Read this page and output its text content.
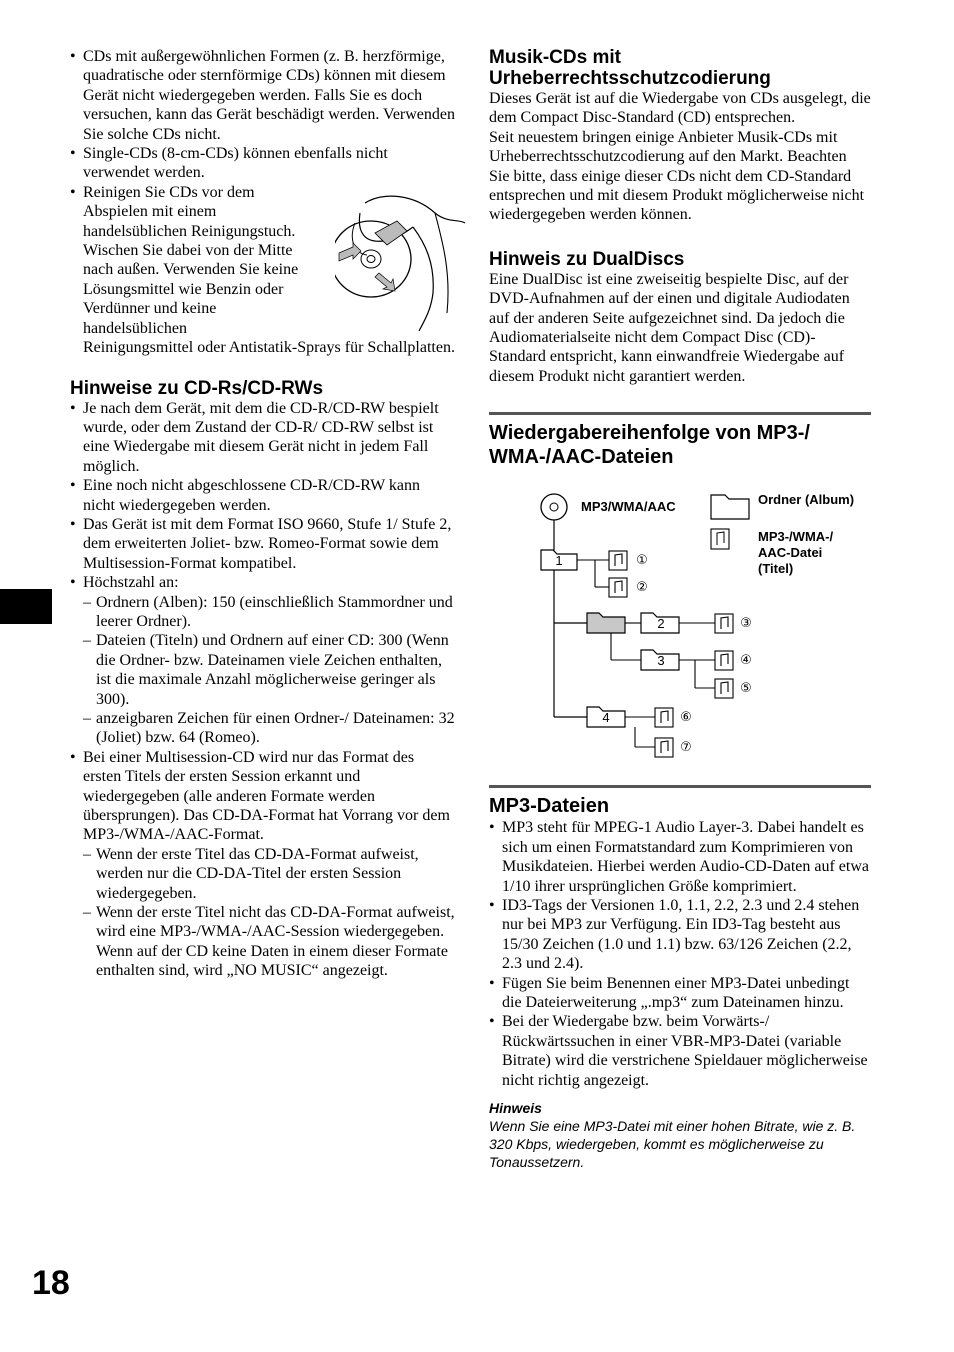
• CDs mit außergewöhnlichen Formen (z. B. herzförmige, quadratische oder sternförmige CDs) können mit diesem Gerät nicht wiedergegeben werden. Falls Sie es doch versuchen, kann das Gerät beschädigt werden. Verwenden Sie solche CDs nicht.
• Single-CDs (8-cm-CDs) können ebenfalls nicht verwendet werden.
• Reinigen Sie CDs vor dem Abspielen mit einem handelsüblichen Reinigungstuch. Wischen Sie dabei von der Mitte nach außen. Verwenden Sie keine Lösungsmittel wie Benzin oder Verdünner und keine handelsüblichen
Reinigungsmittel oder Antistatik-Sprays für Schallplatten.
Hinweise zu CD-Rs/CD-RWs
• Je nach dem Gerät, mit dem die CD-R/CD-RW bespielt wurde, oder dem Zustand der CD-R/ CD-RW selbst ist eine Wiedergabe mit diesem Gerät nicht in jedem Fall möglich.
• Eine noch nicht abgeschlossene CD-R/CD-RW kann nicht wiedergegeben werden.
• Das Gerät ist mit dem Format ISO 9660, Stufe 1/ Stufe 2, dem erweiterten Joliet- bzw. Romeo-Format sowie dem Multisession-Format kompatibel.
• Höchstzahl an:
– Ordnern (Alben): 150 (einschließlich Stammordner und leerer Ordner).
– Dateien (Titeln) und Ordnern auf einer CD: 300 (Wenn die Ordner- bzw. Dateinamen viele Zeichen enthalten, ist die maximale Anzahl möglicherweise geringer als 300).
– anzeigbaren Zeichen für einen Ordner-/ Dateinamen: 32 (Joliet) bzw. 64 (Romeo).
• Bei einer Multisession-CD wird nur das Format des ersten Titels der ersten Session erkannt und wiedergegeben (alle anderen Formate werden übersprungen). Das CD-DA-Format hat Vorrang vor dem MP3-/WMA-/AAC-Format.
– Wenn der erste Titel das CD-DA-Format aufweist, werden nur die CD-DA-Titel der ersten Session wiedergegeben.
– Wenn der erste Titel nicht das CD-DA-Format aufweist, wird eine MP3-/WMA-/AAC-Session wiedergegeben. Wenn auf der CD keine Daten in einem dieser Formate enthalten sind, wird „NO MUSIC“ angezeigt.
Musik-CDs mit Urheberrechtsschutzcodierung

Dieses Gerät ist auf die Wiedergabe von CDs ausgelegt, die dem Compact Disc-Standard (CD) entsprechen.

Seit neuestem bringen einige Anbieter Musik-CDs mit Urheberrechtsschutzcodierung auf den Markt. Beachten Sie bitte, dass einige dieser CDs nicht dem CD-Standard entsprechen und mit diesem Produkt möglicherweise nicht wiedergegeben werden können.

Hinweis zu DualDiscs

Eine DualDisc ist eine zweiseitig bespielte Disc, auf der DVD-Aufnahmen auf der einen und digitale Audiodaten auf der anderen Seite aufgezeichnet sind. Da jedoch die Audiomaterialseite nicht dem Compact Disc (CD)-Standard entspricht, kann einwandfreie Wiedergabe auf diesem Produkt nicht garantiert werden.

Wiedergabereihenfolge von MP3-/ WMA-/AAC-Dateien
MP3/WMA/AAC	Ordner (Album)
MP3-/WMA-/ AAC-Datei (Titel)
1
2
3
4
①
②
③
④
⑤
⑥
⑦
MP3-Dateien
• MP3 steht für MPEG-1 Audio Layer-3. Dabei handelt es sich um einen Formatstandard zum Komprimieren von Musikdateien. Hierbei werden Audio-CD-Daten auf etwa 1/10 ihrer ursprünglichen Größe komprimiert.
• ID3-Tags der Versionen 1.0, 1.1, 2.2, 2.3 und 2.4 stehen nur bei MP3 zur Verfügung. Ein ID3-Tag besteht aus 15/30 Zeichen (1.0 und 1.1) bzw. 63/126 Zeichen (2.2, 2.3 und 2.4).
• Fügen Sie beim Benennen einer MP3-Datei unbedingt die Dateierweiterung „.mp3“ zum Dateinamen hinzu.
• Bei der Wiedergabe bzw. beim Vorwärts-/ Rückwärtssuchen in einer VBR-MP3-Datei (variable Bitrate) wird die verstrichene Spieldauer möglicherweise nicht richtig angezeigt.
Hinweis
Wenn Sie eine MP3-Datei mit einer hohen Bitrate, wie z. B. 320 Kbps, wiedergeben, kommt es möglicherweise zu Tonaussetzern.
18
